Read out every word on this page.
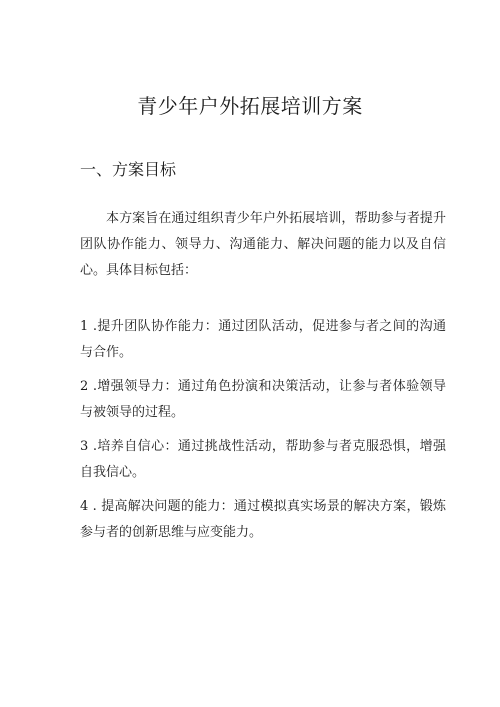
青少年户外拓展培训方案
一、方案目标

本方案旨在通过组织青少年户外拓展培训，帮助参与者提升团队协作能力、领导力、沟通能力、解决问题的能力以及自信心。具体目标包括：

1 .提升团队协作能力：通过团队活动，促进参与者之间的沟通与合作。
2 .增强领导力：通过角色扮演和决策活动，让参与者体验领导与被领导的过程。
3 .培养自信心：通过挑战性活动，帮助参与者克服恐惧，增强自我信心。
4 . 提高解决问题的能力：通过模拟真实场景的解决方案，锻炼参与者的创新思维与应变能力。
